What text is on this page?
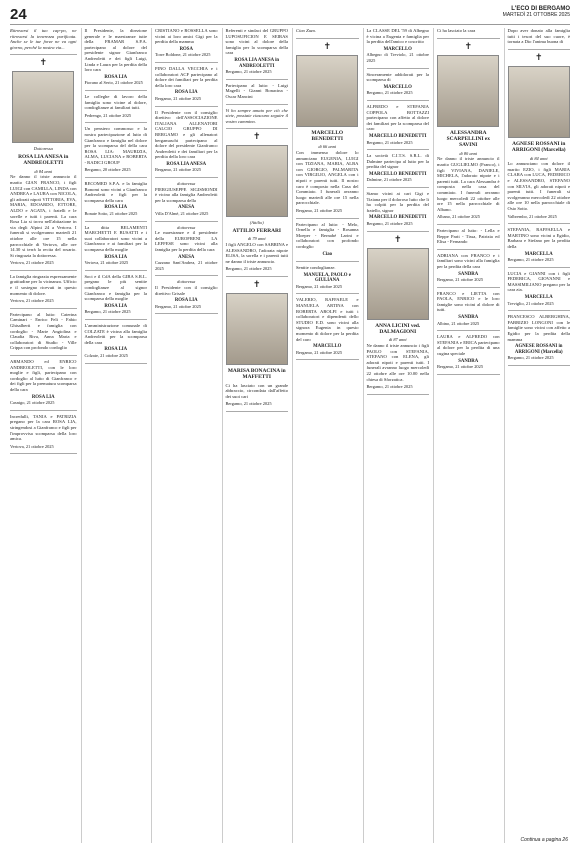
24	L'ECO DI BERGAMO
MARTEDÌ 21 OTTOBRE 2025

Ritrovarsi il tuo cap-po, ne ritrovarsi la tenerezza purificata. Anche se le tue forze ne va ogni giorno, perché la nostra via...

✝
Dottoressa
ROSA LIA ANESA in ANDREOLETTI
di 84 anni

Ne danno il triste annuncio il marito GIAN FRANCO, i figli LUIGI con CAMILLA, LINDA con ANDREA e LAURA con NICOLA, gli adorati nipoti VITTORIA, EVA, MARIA, EDOARDO, ETTORE, ALDO e AGATA, i fratelli e le sorelle e tutti i parenti. La cara Rosa Lia si trova nell'abitazione in via degli Alpini 24 a Vertova. I funerali si svolgeranno martedì 21 ottobre alle ore 15 nella parrocchiale di Vertova, alle ore 14.30 si terrà la recita del rosario. Si ringrazia la dottoressa.

Vertova, 21 ottobre 2025

La famiglia ringrazia espressamente gratitudine per la vicinanza. Ufficio e il sostegno ricevuti in questo momento di dolore.

Vertova, 21 ottobre 2025

Partecipano al lutto: Caterina Caminari - Enrico Feli - Fabio Ghisalberti e famiglia con cordoglio - Marie Angiolina e Claudia Riva, Anna Maria e collaboratori di Studio - Ville Crippa con profondo cordoglio

ARMANDO ed ENRICO ANDREOLETTI, con le loro moglie e figli, partecipano con cordoglio al lutto di Gianfranco e dei figli per la prematura scomparsa della cara

ROSA LIA
Casnigo, 21 ottobre 2025

Incredulli, TANIA e PATRIZIA pregano per la cara ROSA LIA, stringendosi a Gianfranco e figli per l'improvvisa scomparsa della loro amica.

Vertova, 21 ottobre 2025

Il Presidente, la direzione generale e le maestranze tutte della FRAMAR S.P.A. partecipano al dolore del presidente signor Gianfranco Andreoletti e dei figli Luigi, Linda e Laura per la perdita della loro cara

ROSA LIA
Fiorano al Serio, 21 ottobre 2025

Le colleghe di lavoro della famiglia sono vicine al dolore, condoglianze ai familiari tutti.

Pedrengo, 21 ottobre 2025

Un pensiero commosso e la nostra partecipazione al lutto di Gianfranco e famiglia nel dolore per la scomparsa del della cara ROSA LIA: MAURIZIA, ALMA, LUCIANA e ROBERTA - RADICI GROUP

Bergamo, 20 ottobre 2025

RECOMED S.P.A. e la famiglia Bonomi sono vicini a Gianfranco Andreoletti e figli per la scomparsa della cara

ROSA LIA
Bonate Sotto, 21 ottobre 2025

La ditta BELAMENTI MARCHETTI E BUSATTI e i suoi collaboratori sono vicini a Gianfranco e ai familiari per la scomparsa della moglie

ROSA LIA
Vertova, 21 ottobre 2025

Soci e il CdA della GIBA S.R.L. pregano le più sentite condoglianze al signor Gianfranco e famiglia per la scomparsa della moglie

ROSA LIA
Bergamo, 21 ottobre 2025

L'amministrazione comunale di COLZATE è vicina alla famiglia Andreoletti per la scomparsa della cara

ROSA LIA
Colzate, 21 ottobre 2025

CRISTIANO e ROSSELLA sono vicini ai loro amici Gigi per la perdita della mamma

ROSA
Torre Boldone, 21 ottobre 2025

PINO DALLA VECCHIA e i collaboratori ACF partecipano al dolore dei familiari per la perdita della loro cara

ROSA LIA
Bergamo, 21 ottobre 2025

Il Presidente con il consiglio direttivo dell'ASSOCIAZIONE ITALIANA ALLENATORI CALCIO GRUPPO DI BERGAMO e gli allenatori bergamaschi partecipano al dolore del presidente Gianfranco Andreoletti e dei familiari per la perdita della loro cara

ROSA LIA ANESA
Bergamo, 21 ottobre 2025
dottoressa

PIERGIUSEPPE SIGISMONDI è vicino alla famiglia Andreoletti per la scomparsa della

ANESA
Villa D'Almè, 21 ottobre 2025
dottoressa

Le maestranze e il presidente della EUROFRENI LA LEFFESE sono vicini alla famiglia per la perdita della cara

ANESA
Cazzano Sant'Andrea, 21 ottobre 2025
dottoressa

Il Presidente con il consiglio direttivo Grisale

ROSA LIA
Bergamo, 21 ottobre 2025

Referenti e sindaci del GRUPPO LUPOSUFICION E SEIRAS sono vicini al dolore della famiglia per la scomparsa della cara

ROSA LIA ANESA in ANDREOLETTI
Bergamo, 21 ottobre 2025

Partecipano al lutto: - Luigi Magelli - Gianni Bonacina - Oscar Mancini

Vi ho sempre amato per ciò che siete, possiate ciascuno seguire il vostro cammino.

✝
(Attilio)
ATTILIO FERRARI
di 79 anni

I figli ANGELO con SABRINA e ALESSANDRO, l'adorata nipote ELISA, la sorella e i parenti tutti ne danno il triste annuncio.

Bergamo, 21 ottobre 2025
✝
MARISA BONACINA in MAFFETTI

Ci ha lasciato con un grande abbraccio, circondata dall'affetto dei suoi cari

Bergamo, 21 ottobre 2025

Ciao Zuzo.

✝
MARCELLO BENEDETTI
di 66 anni

Con immenso dolore lo annunciano EUGENIA, LUIGI con TIZIANA, MARIA, ALBA con GIORGIO, PALMARITA con VIRGILIO, ANGELA con i nipoti e parenti tutti. Il nostro caro è composto nella Casa del Commiato. I funerali avranno luogo martedì alle ore 15 nella parrocchiale.

Bergamo, 21 ottobre 2025

Partecipano al lutto: - Melo, Ornella e famiglia - Rosanna Moeper - Bernabé Larini e collaboratori con profondo cordoglio

Ciao

Sentite condoglianze.

MANUELA, PAOLO e GIULIANA
Bergamo, 21 ottobre 2025

VALERIO, RAFFAELE e MANUELA ARTINA con ROBERTA AROLFI e tutti i collaboratori e dipendenti dello STUDIO E.D. sono vicini alla signora Eugenia in questo momento di dolore per la perdita del caro

MARCELLO
Bergamo, 21 ottobre 2025

La CLASSE DEL '59 di Albegno è vicina a Eugenia e famiglia per la perdita dell'amico e coscritto

MARCELLO
Albegno di Treviolo, 21 ottobre 2025

Sinceramente addolorati per la scomparsa di

MARCELLO
Bergamo, 21 ottobre 2025

ALFREDO e STEFANIA COPPOLA BOTTAZZI partecipano con affetto al dolore dei familiari per la scomparsa del caro

MARCELLO BENEDETTI
Bergamo, 21 ottobre 2025

La società C.I.T.S. S.R.L. di Dalmine partecipa al lutto per la perdita del signor

MARCELLO BENEDETTI
Dalmine, 21 ottobre 2025

Siamo vicini ai cari Gigi e Tiziana per il doloroso lutto che li ha colpiti per la perdita del fratello, signor

MARCELLO BENEDETTI
Bergamo, 21 ottobre 2025
✝
ANNA LICINI ved. DALMAGIONI
di 87 anni

Ne danno il triste annuncio i figli PAOLO con STEFANIA, STEFANO con ELENA, gli adorati nipoti e parenti tutti. I funerali avranno luogo mercoledì 22 ottobre alle ore 10.00 nella chiesa di Sforzatica.

Bergamo, 21 ottobre 2025

Ci ha lasciato la cara

✝
ALESSANDRA SCARPELLINI ex SAVINI
di 80 anni

Ne danno il triste annuncio il marito GUGLIELMO (Franco), i figli VIVIANA, DANIELE, MICHELA, l'adorato nipote e i parenti tutti. La cara Alessandra è composta nella casa del commiato. I funerali avranno luogo mercoledì 22 ottobre alle ore 15 nella parrocchiale di Albano.

Albano, 21 ottobre 2025

Partecipano al lutto: - Lella e Beppe Parit - Tissa, Patrizia ed Elisa - Fernando

ADRIANA con FRANCO e i familiari sono vicini alla famiglia per la perdita della cara

SANDRA
Bergamo, 21 ottobre 2025

FRANCO e LIETTA con PAOLA, ENRICO e le loro famiglie sono vicini al dolore di tutti.

SANDRA
Albino, 21 ottobre 2025

LAURA e ALFREDO con STEFANIA e ERICA partecipano al dolore per la perdita di una cugina speciale

SANDRA
Bergamo, 21 ottobre 2025

Dopo aver donato alla famiglia tutti i tesori del suo cuore, è tornata a Dio l'anima buona di

✝
AGNESE ROSSANI in ARRIGONI (Marcella)
di 84 anni

Lo annunciano con dolore il marito EZIO, i figli MARIA CLARA con LUCA, FEDERICO e ALESSANDRO, STEFANO con SILVIA, gli adorati nipoti e parenti tutti. I funerali si svolgeranno mercoledì 22 ottobre alle ore 10 nella parrocchiale di Osio Sotto.

Valbrembo, 21 ottobre 2025

STEFANIA, RAFFAELLA e MARTINO sono vicini a Egidio, Barbara e Stefano per la perdita della

MARCELLA
Bergamo, 21 ottobre 2025

LUCIA e GIANNI con i figli FEDERICA, GIOVANNI e MASSIMILIANO pregano per la cara zia.

MARCELLA
Treviglio, 21 ottobre 2025

FRANCESCO ALBERGHINA, FABRIZIO LONGONI con le famiglie sono vicini con affetto a Egidio per la perdita della mamma

AGNESE ROSSANI in ARRIGONI (Marcella)
Bergamo, 21 ottobre 2025
Continua a pagina 26
